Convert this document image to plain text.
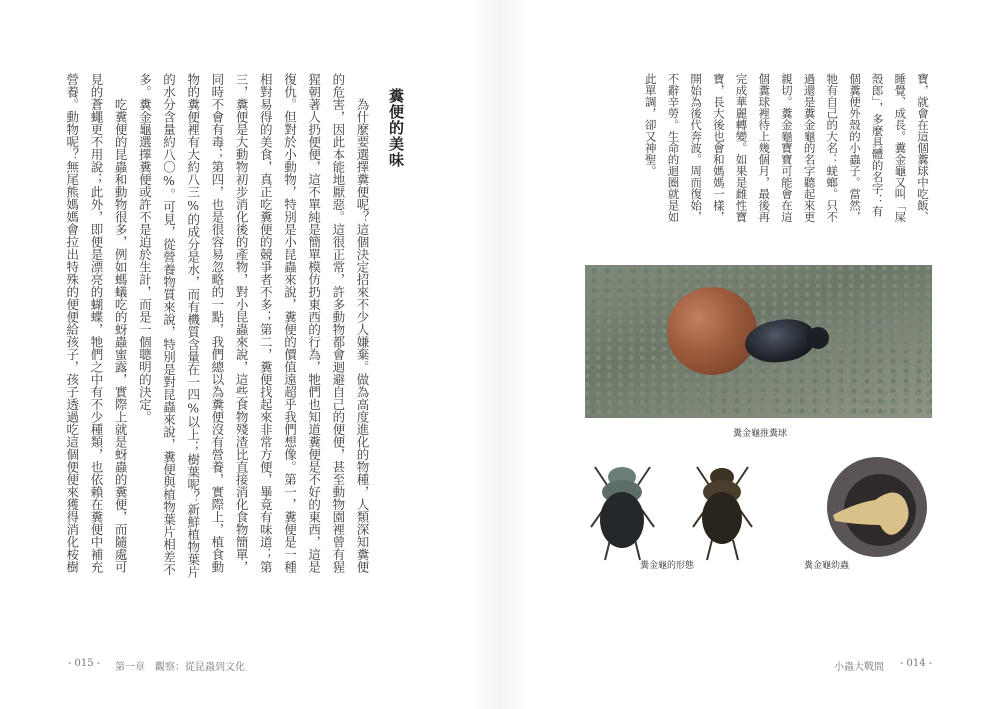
糞便的美味
為什麼要選擇糞便呢？這個決定招來不少人嫌棄。做為高度進化的物種，人類深知糞便
的危害，因此本能地厭惡。這很正常，許多動物都會迴避自己的便便，甚至動物園裡曾有猩
猩朝著人扔便便，這不單純是簡單模仿扔東西的行為，牠們也知道糞便是不好的東西，這是
復仇。但對於小動物，特別是小昆蟲來說，糞便的價值遠超乎我們想像。第一，糞便是一種
相對易得的美食，真正吃糞便的競爭者不多；第二，糞便找起來非常方便，畢竟有味道；第
三，糞便是大動物初步消化後的產物，對小昆蟲來說，這些食物殘渣比直接消化食物簡單，
同時不會有毒；第四，也是很容易忽略的一點，我們總以為糞便沒有營養，實際上，植食動
物的糞便裡有大約八三%的成分是水，而有機質含量在一四%以上；樹葉呢？新鮮植物葉片
的水分含量約八〇%。可見，從營養物質來說，特別是對昆蟲來說，糞便與植物葉片相差不
多。糞金龜選擇糞便或許不是迫於生計，而是一個聰明的決定。
吃糞便的昆蟲和動物很多，例如螞蟻吃的蚜蟲蜜露，實際上就是蚜蟲的糞便，而隨處可
見的蒼蠅更不用說；此外，即便是漂亮的蝴蝶，牠們之中有不少種類，也依賴在糞便中補充
營養。動物呢？無尾熊媽媽會拉出特殊的便便給孩子，孩子透過吃這個便便來獲得消化桉樹
- 015 - 第一章　觀察：從昆蟲到文化
寶，就會在這個糞球中吃飯、
睡覺、成長。糞金龜又叫「屎
殼郎」，多麼具體的名字：有
個糞便外殼的小蟲子。當然，
牠有自己的大名：蜣螂。只不
過還是糞金龜的名字聽起來更
親切。糞金龜寶寶可能會在這
個糞球裡待上幾個月，最後再
完成華麗轉變。如果是雌性寶
寶，長大後也會和媽媽一樣，
開始為後代奔波。周而復始，
不辭辛勞。生命的迴圈就是如
此單調，卻又神聖。
糞金龜推糞球
糞金龜的形態	糞金龜幼蟲
小蟲大戰間 - 014 -
